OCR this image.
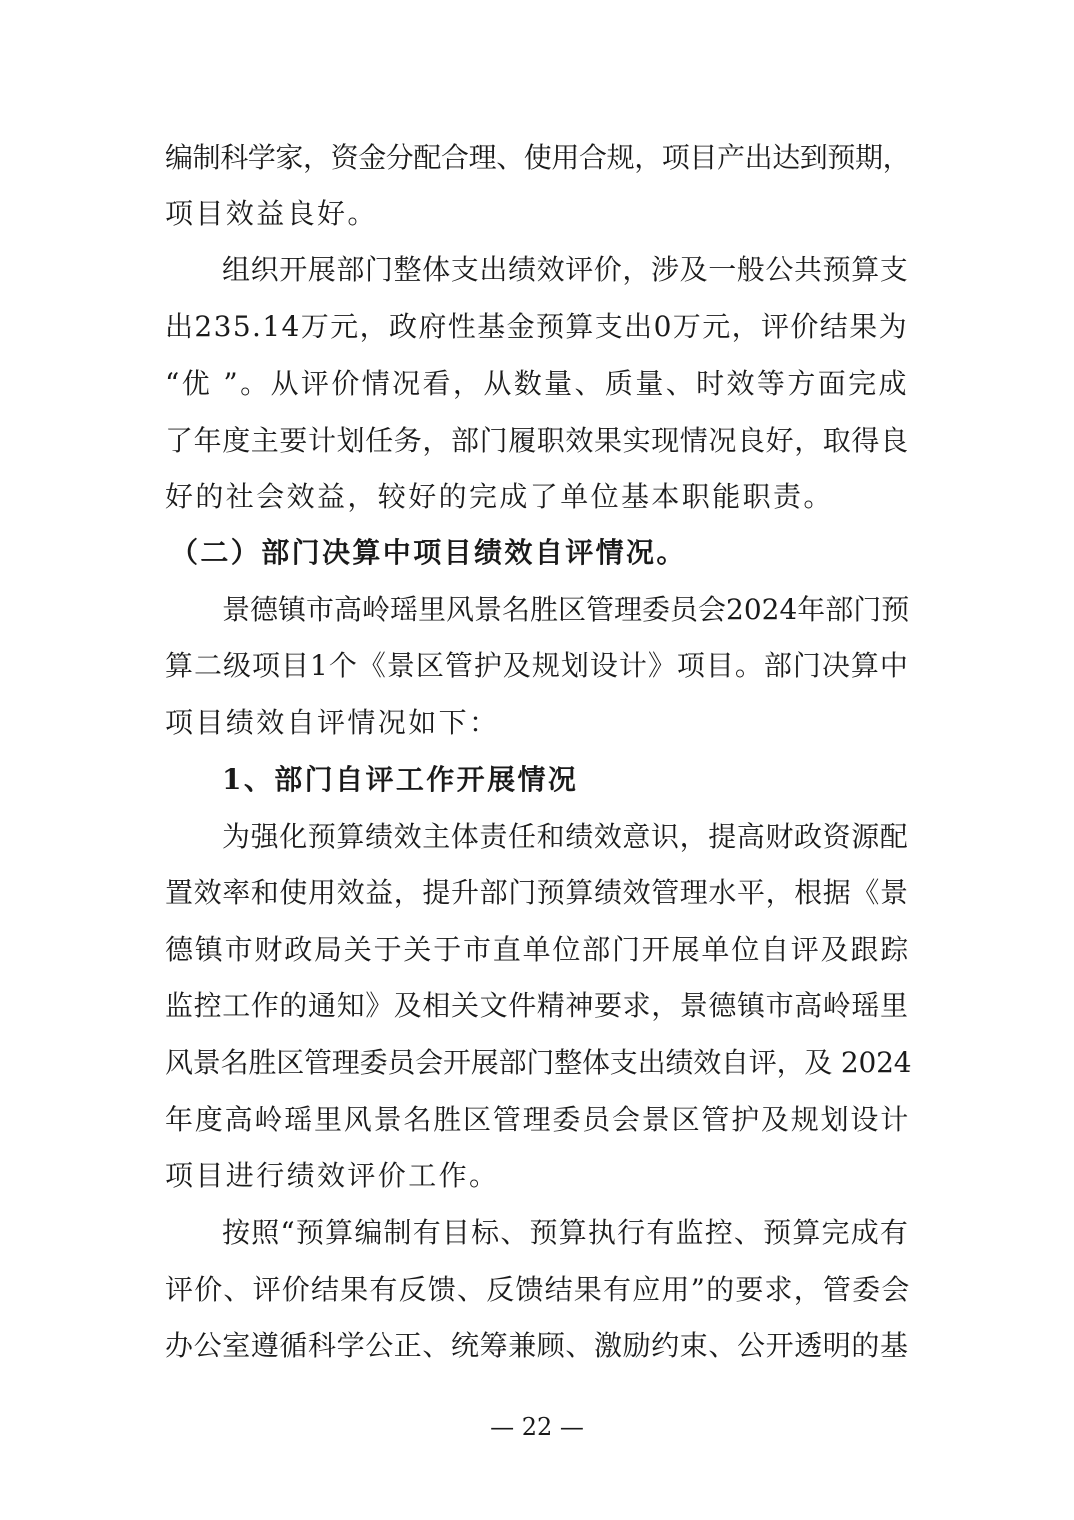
编制科学家，资金分配合理、使用合规，项目产出达到预期，
项目效益良好。
组织开展部门整体支出绩效评价，涉及一般公共预算支
出235.14万元，政府性基金预算支出0万元，评价结果为
“优 ”。从评价情况看，从数量、质量、时效等方面完成
了年度主要计划任务，部门履职效果实现情况良好，取得良
好的社会效益，较好的完成了单位基本职能职责。
（二）部门决算中项目绩效自评情况。
景德镇市高岭瑶里风景名胜区管理委员会2024年部门预
算二级项目1个《景区管护及规划设计》项目。部门决算中
项目绩效自评情况如下：
1、部门自评工作开展情况
为强化预算绩效主体责任和绩效意识，提高财政资源配
置效率和使用效益，提升部门预算绩效管理水平，根据《景
德镇市财政局关于关于市直单位部门开展单位自评及跟踪
监控工作的通知》及相关文件精神要求，景德镇市高岭瑶里
风景名胜区管理委员会开展部门整体支出绩效自评，及 2024
年度高岭瑶里风景名胜区管理委员会景区管护及规划设计
项目进行绩效评价工作。
按照“预算编制有目标、预算执行有监控、预算完成有
评价、评价结果有反馈、反馈结果有应用”的要求，管委会
办公室遵循科学公正、统筹兼顾、激励约束、公开透明的基
— 22 —
